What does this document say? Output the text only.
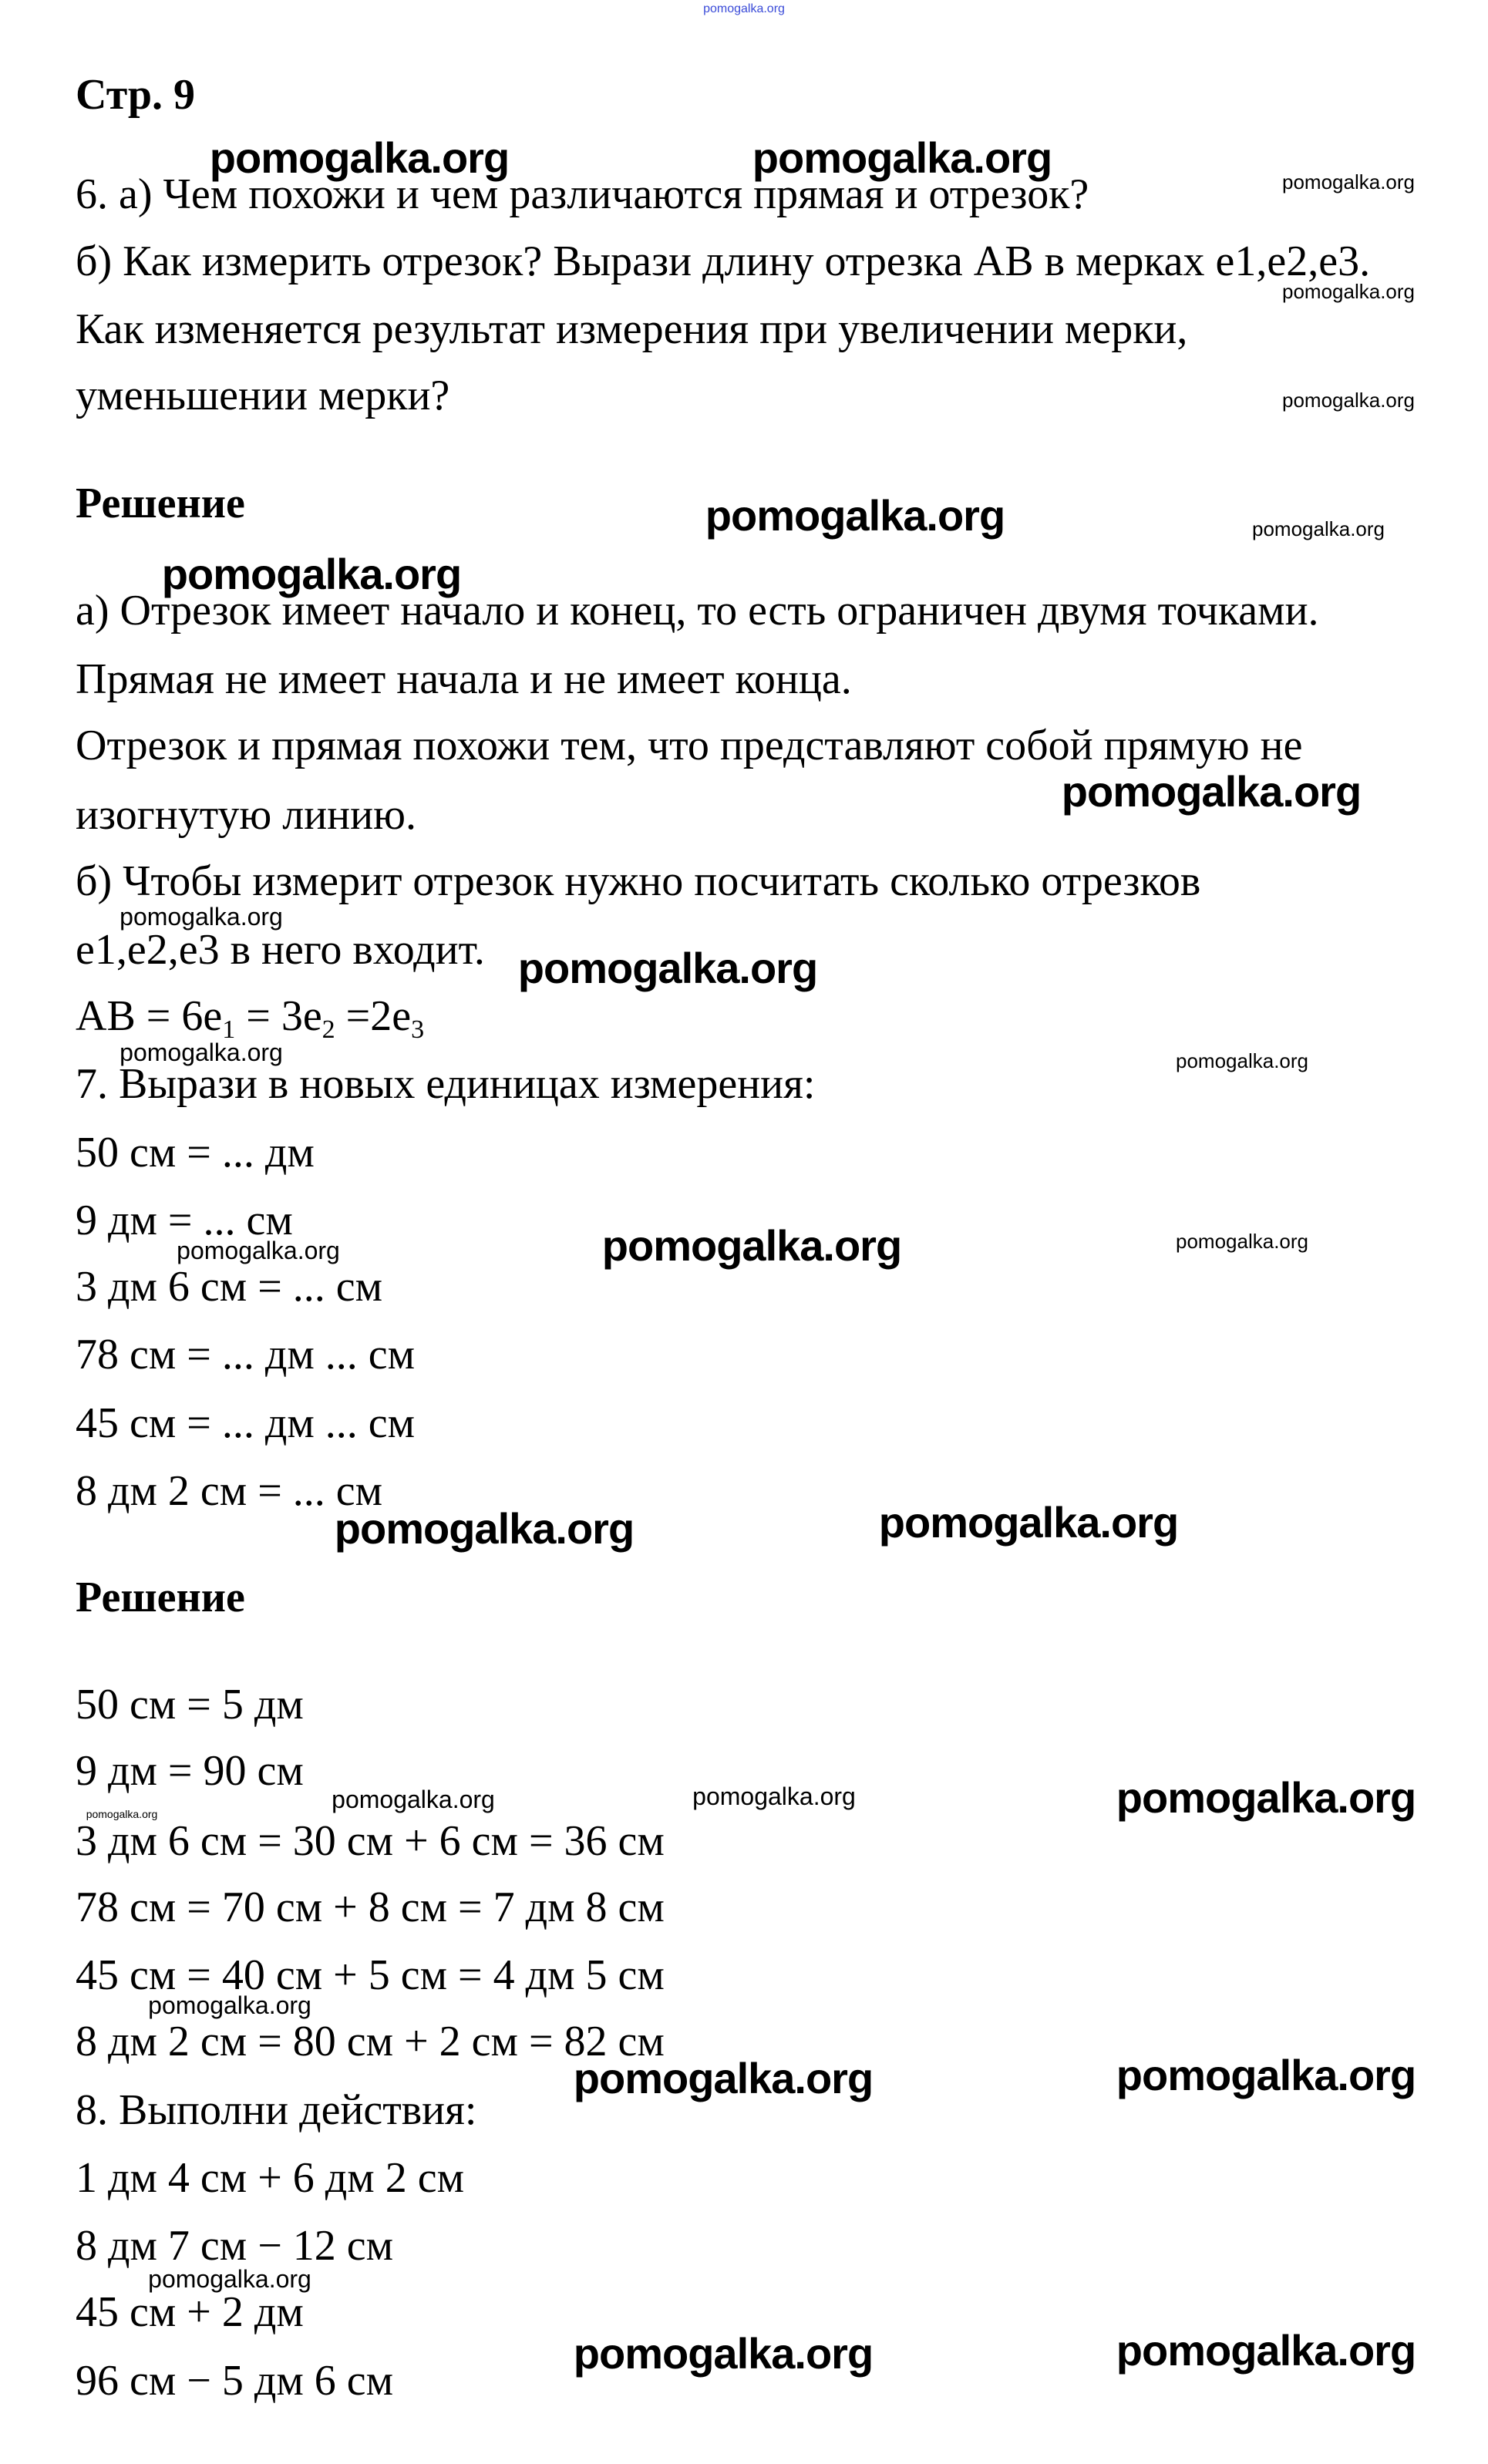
Стр. 9
6. а) Чем похожи и чем различаются прямая и отрезок?
б) Как измерить отрезок? Вырази длину отрезка АВ в мерках е1,е2,е3.
Как изменяется результат измерения при увеличении мерки,
уменьшении мерки?
Решение
а) Отрезок имеет начало и конец, то есть ограничен двумя точками.
Прямая не имеет начала и не имеет конца.
Отрезок и прямая похожи тем, что представляют собой прямую не
изогнутую линию.
б) Чтобы измерит отрезок нужно посчитать сколько отрезков
е1,е2,е3 в него входит.
АВ = $6e_1 = 3e_2 =2e_3$
7. Вырази в новых единицах измерения:
50 см = ... дм
9 дм = ... см
3 дм 6 см = ... см
78 см = ... дм ... см
45 см = ... дм ... см
8 дм 2 см = ... см
Решение
50 см = 5 дм
9 дм = 90 см
3 дм 6 см = 30 см + 6 см = 36 см
78 см = 70 см + 8 см = 7 дм 8 см
45 см = 40 см + 5 см = 4 дм 5 см
8 дм 2 см = 80 см + 2 см = 82 см
8. Выполни действия:
1 дм 4 см + 6 дм 2 см
8 дм 7 см − 12 см
45 см + 2 дм
96 см − 5 дм 6 см
pomogalka.org
pomogalka.org	pomogalka.org
pomogalka.org
pomogalka.org
pomogalka.org
pomogalka.org
pomogalka.org
pomogalka.org	pomogalka.org
pomogalka.org
pomogalka.org	pomogalka.org
pomogalka.org	pomogalka.org
pomogalka.org
pomogalka.org
pomogalka.org
pomogalka.org
pomogalka.org
pomogalka.org	pomogalka.org
pomogalka.org	pomogalka.org
pomogalka.org	pomogalka.org
pomogalka.org
pomogalka.org
pomogalka.org
